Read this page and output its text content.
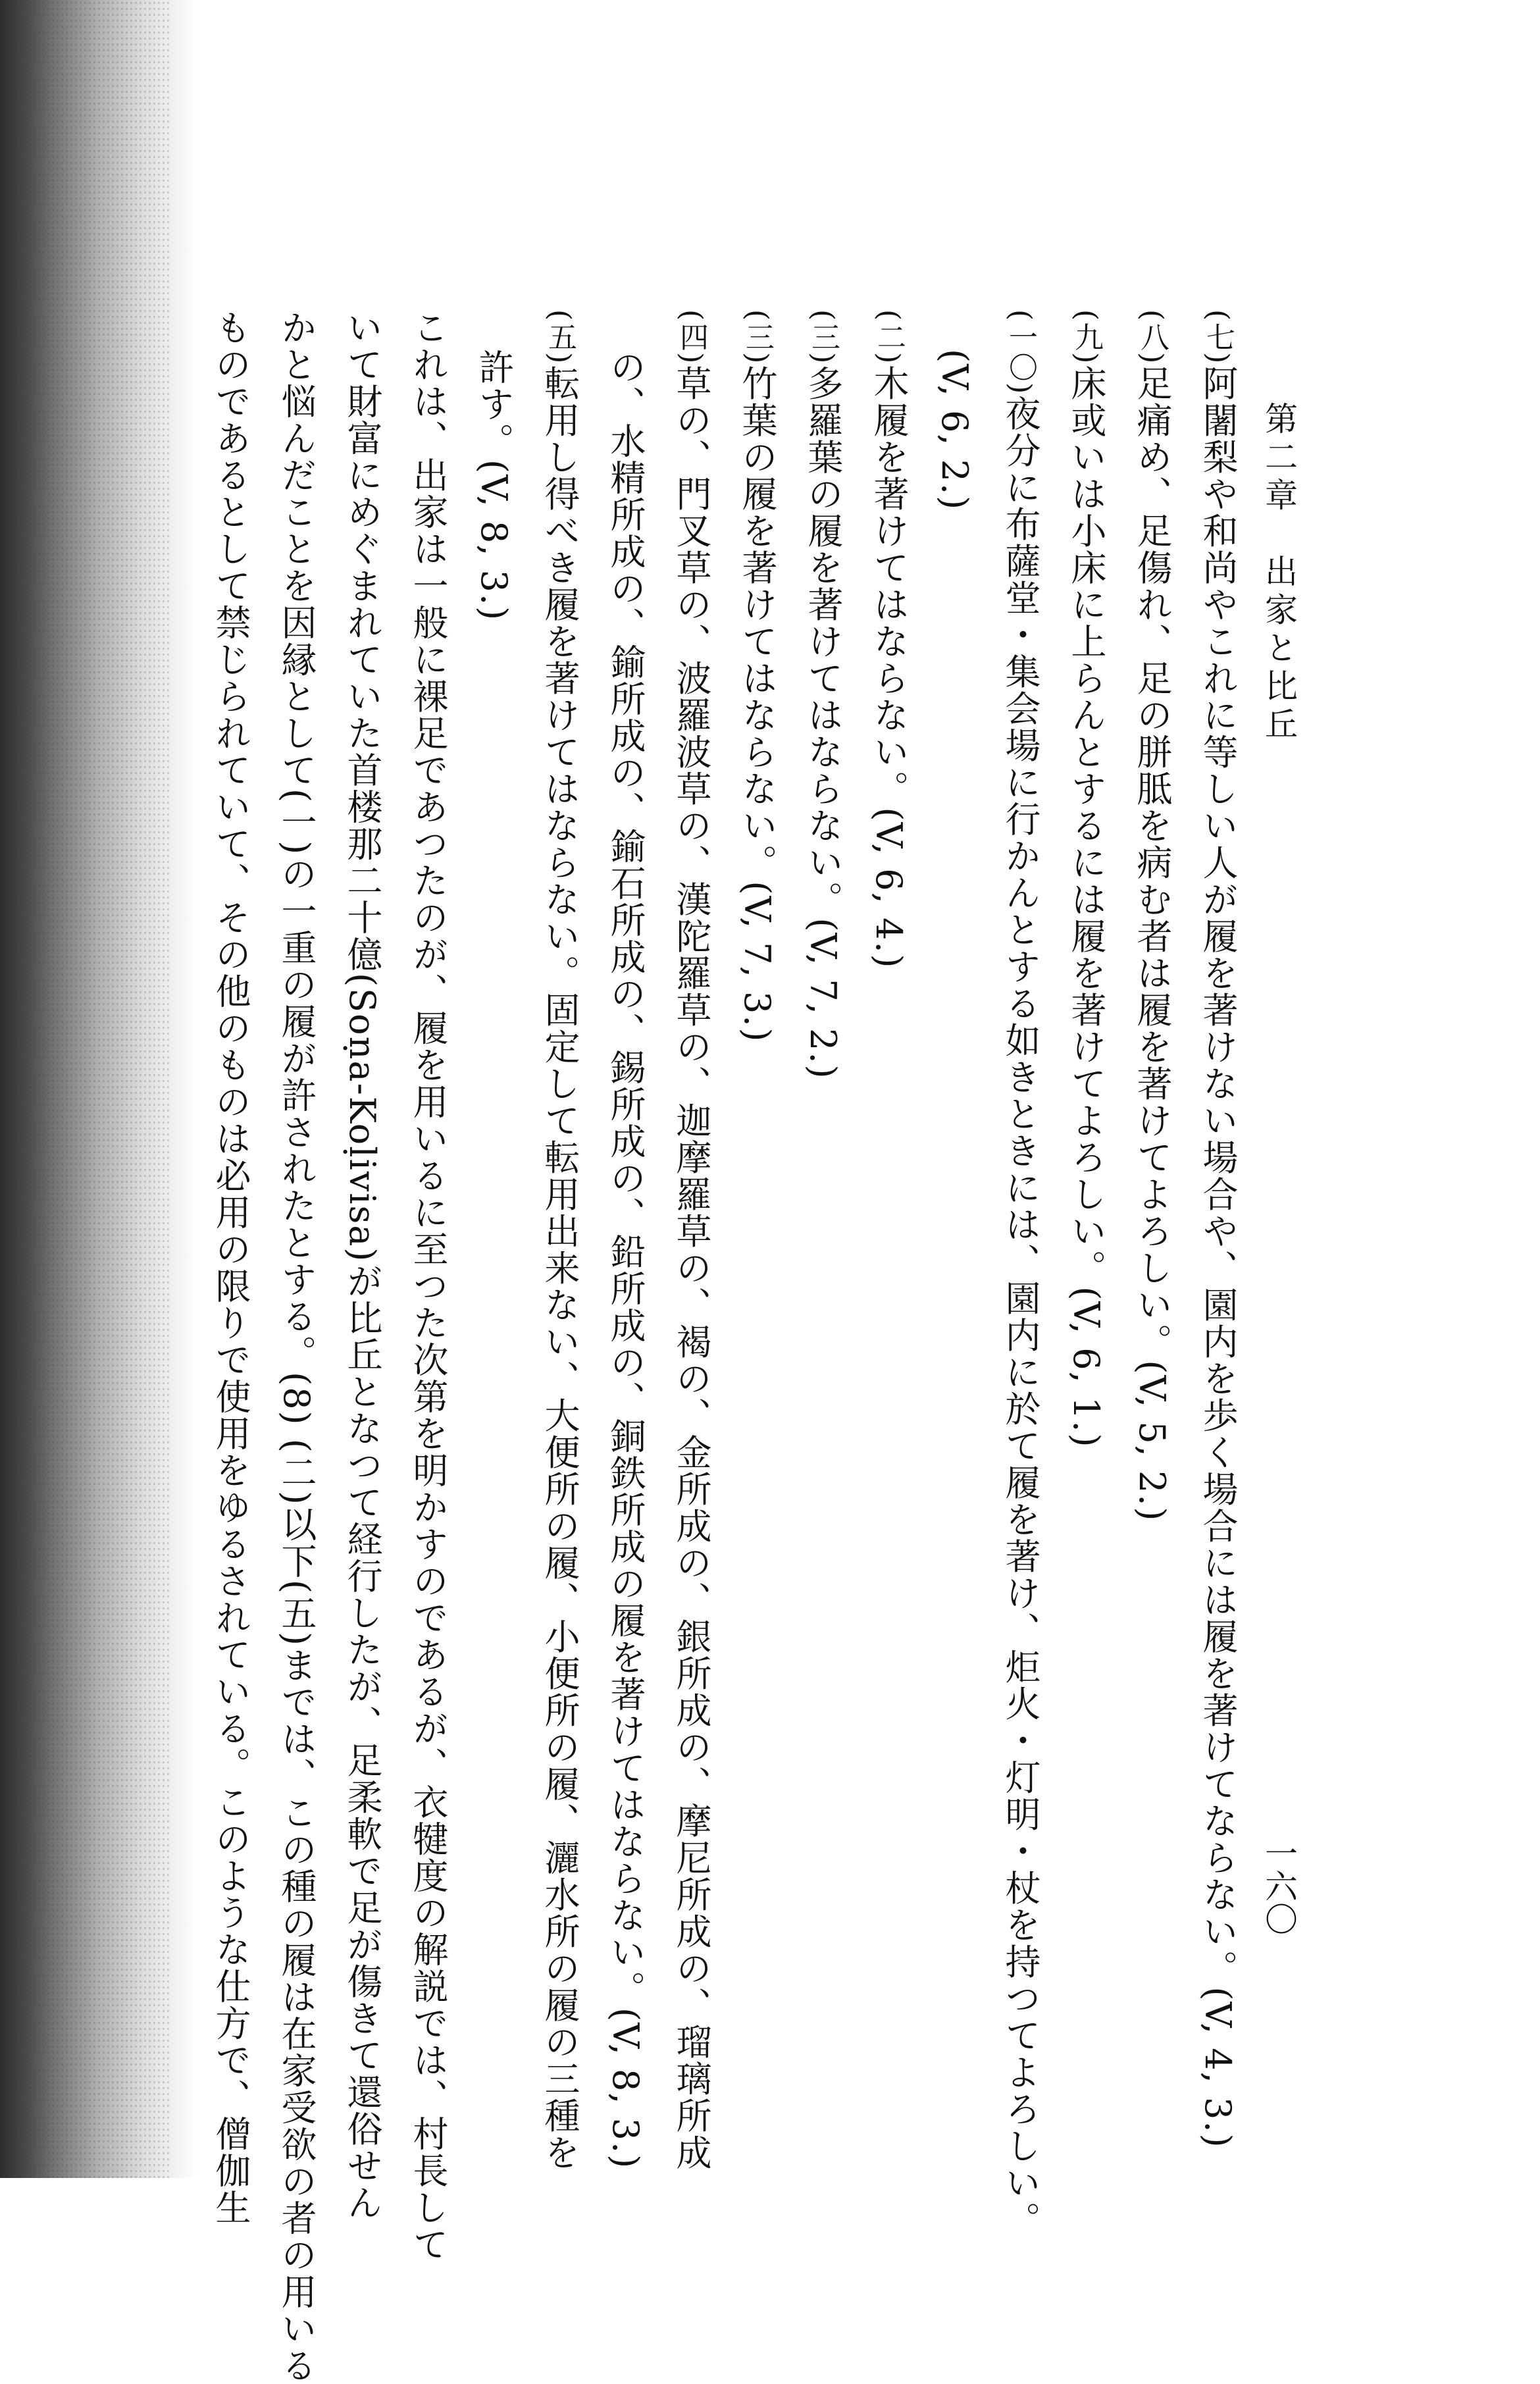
第二章　出家と比丘
一六〇
(七)阿闍梨や和尚やこれに等しい人が履を著けない場合や、園内を歩く場合には履を著けてならない。(V, 4, 3.)
(八)足痛め、足傷れ、足の胼胝を病む者は履を著けてよろしい。(V, 5, 2.)
(九)床或いは小床に上らんとするには履を著けてよろしい。(V, 6, 1.)
(一〇)夜分に布薩堂・集会場に行かんとする如きときには、園内に於て履を著け、炬火・灯明・杖を持つてよろしい。
(V, 6, 2.)
(二)木履を著けてはならない。(V, 6, 4.)
(三)多羅葉の履を著けてはならない。(V, 7, 2.)
(三)竹葉の履を著けてはならない。(V, 7, 3.)
(四)草の、門叉草の、波羅波草の、漢陀羅草の、迦摩羅草の、褐の、金所成の、銀所成の、摩尼所成の、瑠璃所成
の、水精所成の、鍮所成の、鍮石所成の、錫所成の、鉛所成の、銅鉄所成の履を著けてはならない。(V, 8, 3.)
(五)転用し得べき履を著けてはならない。固定して転用出来ない、大便所の履、小便所の履、灑水所の履の三種を
許す。(V, 8, 3.)
これは、出家は一般に裸足であつたのが、履を用いるに至つた次第を明かすのであるが、衣犍度の解説では、村長して
いて財富にめぐまれていた首楼那二十億(Soṇa-Koḷivisa)が比丘となつて経行したが、足柔軟で足が傷きて還俗せん
かと悩んだことを因縁として(一)の一重の履が許されたとする。(8) (二)以下(五)までは、この種の履は在家受欲の者の用いる
ものであるとして禁じられていて、その他のものは必用の限りで使用をゆるされている。このような仕方で、僧伽生
